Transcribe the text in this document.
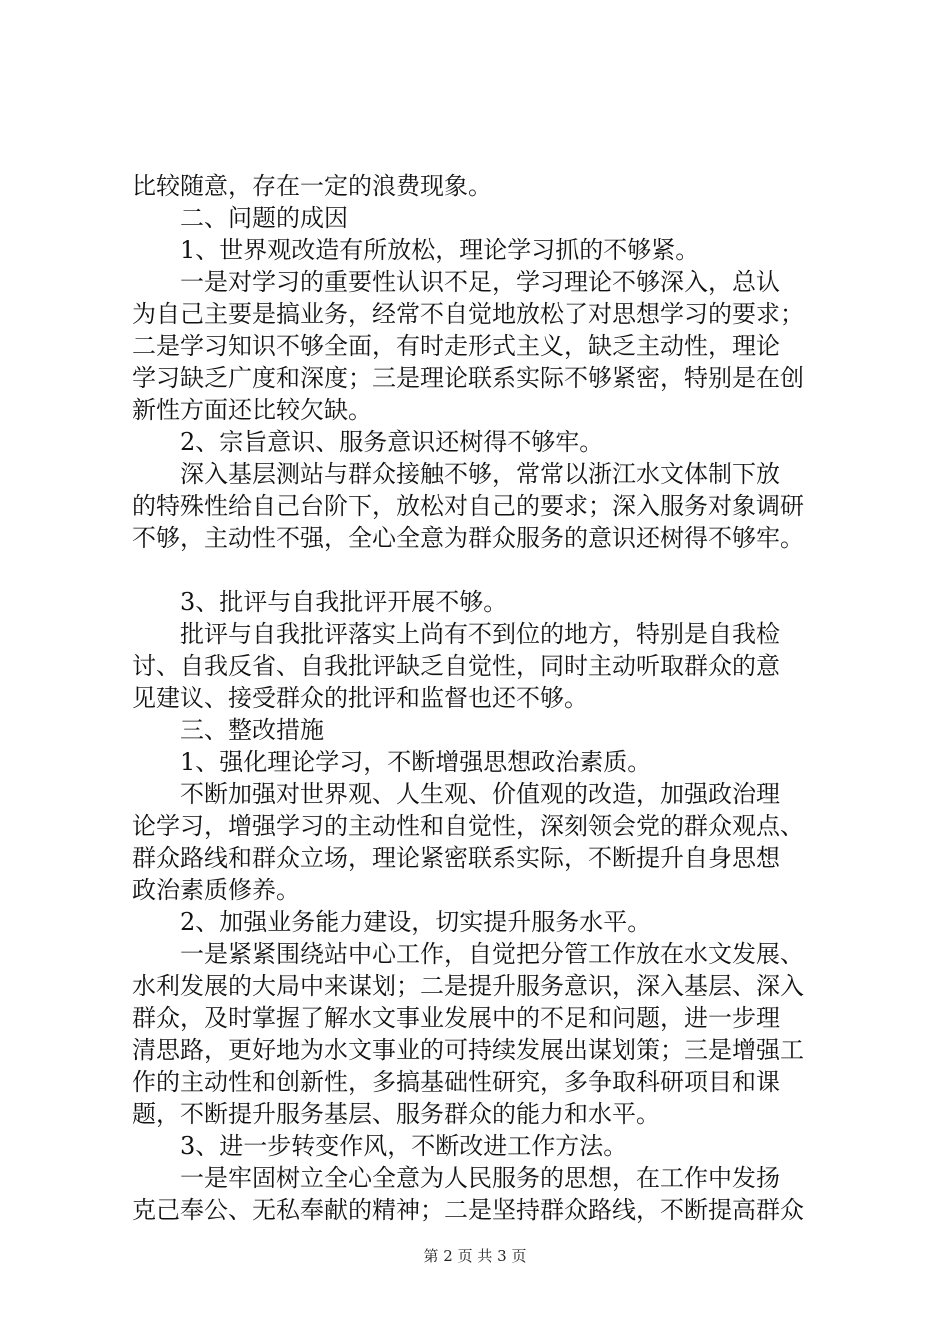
比较随意，存在一定的浪费现象。
　　二、问题的成因
　　1、世界观改造有所放松，理论学习抓的不够紧。
　　一是对学习的重要性认识不足，学习理论不够深入，总认
为自己主要是搞业务，经常不自觉地放松了对思想学习的要求；
二是学习知识不够全面，有时走形式主义，缺乏主动性，理论
学习缺乏广度和深度；三是理论联系实际不够紧密，特别是在创
新性方面还比较欠缺。
　　2、宗旨意识、服务意识还树得不够牢。
　　深入基层测站与群众接触不够，常常以浙江水文体制下放
的特殊性给自己台阶下，放松对自己的要求；深入服务对象调研
不够，主动性不强，全心全意为群众服务的意识还树得不够牢。
　　3、批评与自我批评开展不够。
　　批评与自我批评落实上尚有不到位的地方，特别是自我检
讨、自我反省、自我批评缺乏自觉性，同时主动听取群众的意
见建议、接受群众的批评和监督也还不够。
　　三、整改措施
　　1、强化理论学习，不断增强思想政治素质。
　　不断加强对世界观、人生观、价值观的改造，加强政治理
论学习，增强学习的主动性和自觉性，深刻领会党的群众观点、
群众路线和群众立场，理论紧密联系实际，不断提升自身思想
政治素质修养。
　　2、加强业务能力建设，切实提升服务水平。
　　一是紧紧围绕站中心工作，自觉把分管工作放在水文发展、
水利发展的大局中来谋划；二是提升服务意识，深入基层、深入
群众，及时掌握了解水文事业发展中的不足和问题，进一步理
清思路，更好地为水文事业的可持续发展出谋划策；三是增强工
作的主动性和创新性，多搞基础性研究，多争取科研项目和课
题，不断提升服务基层、服务群众的能力和水平。
　　3、进一步转变作风，不断改进工作方法。
　　一是牢固树立全心全意为人民服务的思想，在工作中发扬
克己奉公、无私奉献的精神；二是坚持群众路线，不断提高群众
第 2 页 共 3 页
